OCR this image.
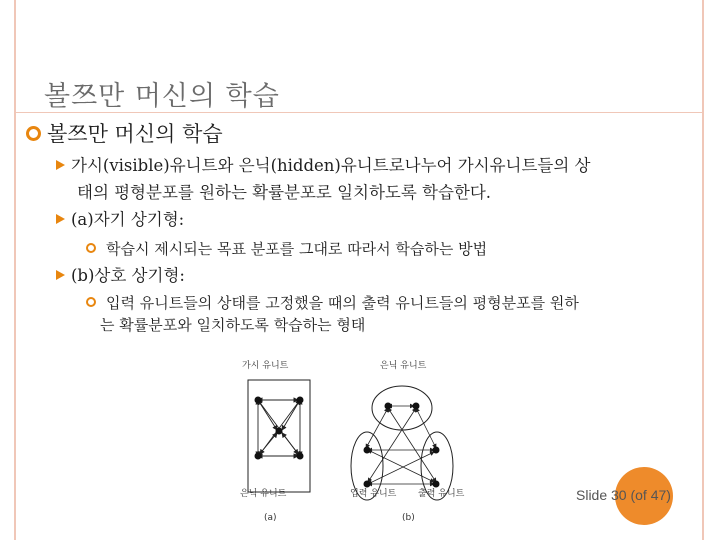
볼쯔만 머신의 학습
볼쯔만 머신의 학습
가시(visible)유니트와 은닉(hidden)유니트로나누어 가시유니트들의 상
태의 평형분포를 원하는 확률분포로 일치하도록 학습한다.
(a)자기 상기형:
학습시 제시되는 목표 분포를 그대로 따라서 학습하는 방법
(b)상호 상기형:
입력 유니트들의 상태를 고정했을 때의 출력 유니트들의 평형분포를 원하
는 확률분포와 일치하도록 학습하는 형태
가시 유니트
은닉 유니트
(a)
은닉 유니트
입력 유니트 출력 유니트
(b)
Slide 30 (of 47)
